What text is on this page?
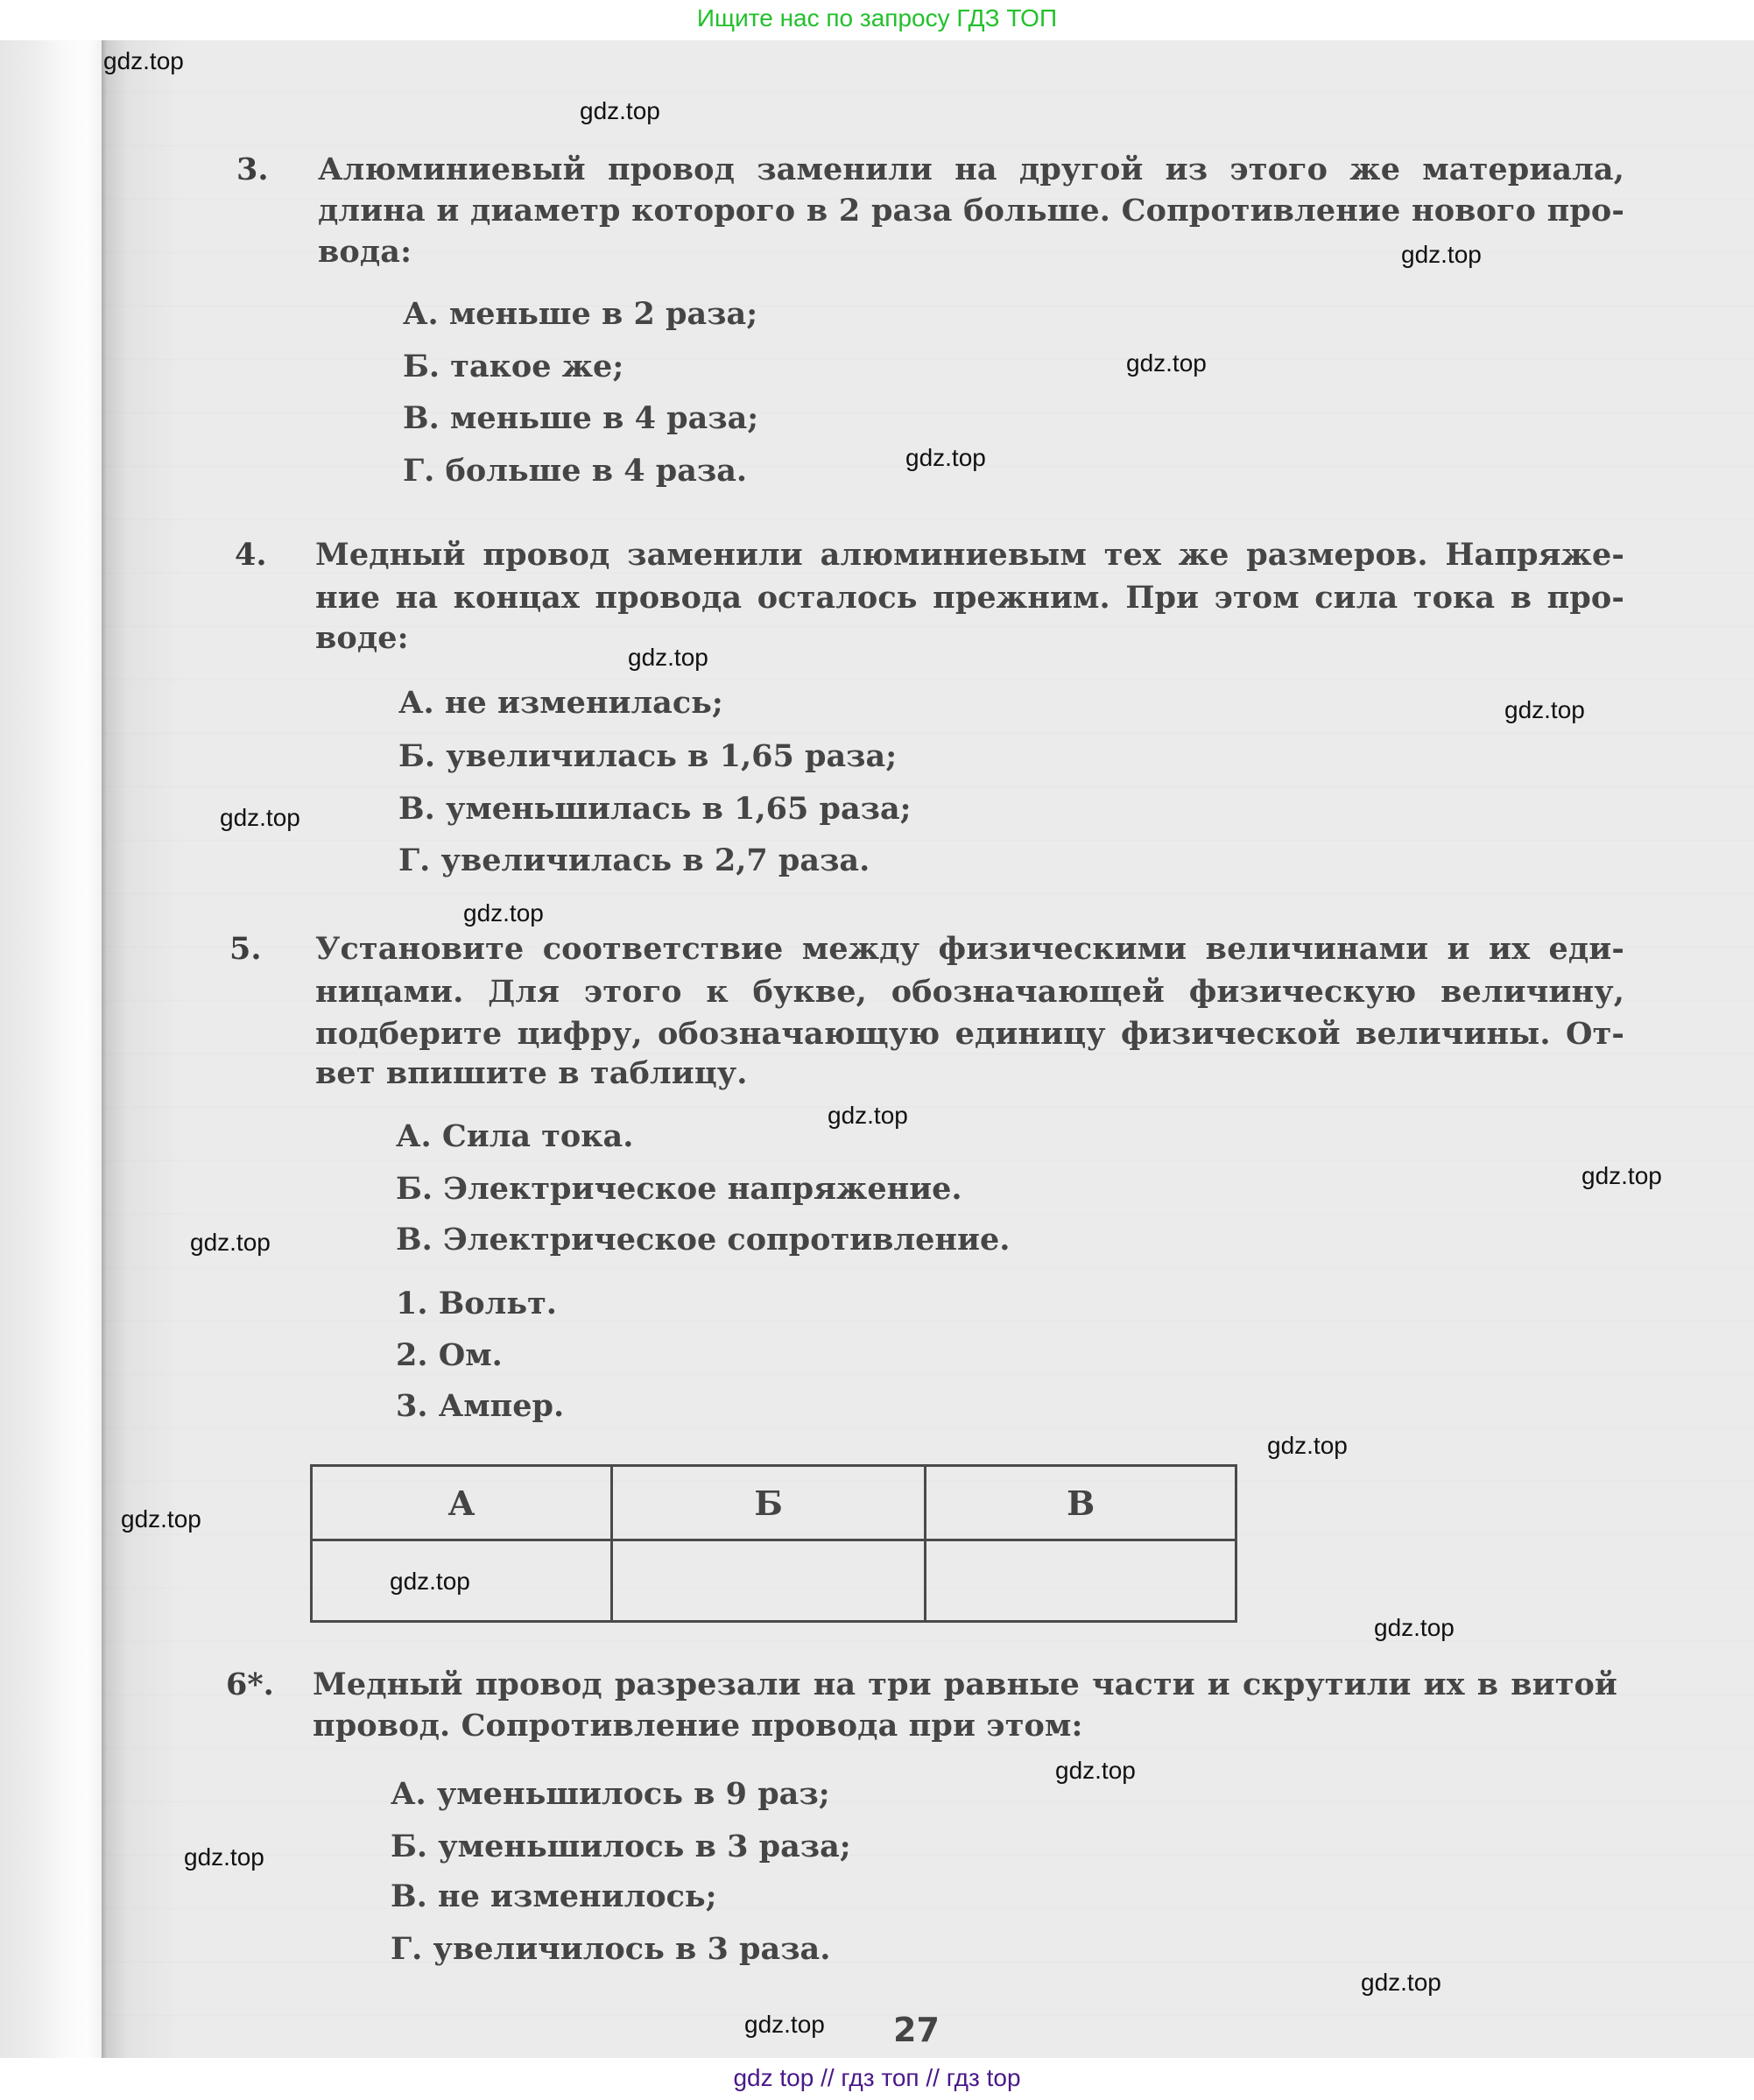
Ищите нас по запросу ГДЗ ТОП
3. Алюминиевый провод заменили на другой из этого же материала,
длина и диаметр которого в 2 раза больше. Сопротивление нового про-
вода:
А. меньше в 2 раза;
Б. такое же;
В. меньше в 4 раза;
Г. больше в 4 раза.
4. Медный провод заменили алюминиевым тех же размеров. Напряже-
ние на концах провода осталось прежним. При этом сила тока в про-
воде:
А. не изменилась;
Б. увеличилась в 1,65 раза;
В. уменьшилась в 1,65 раза;
Г. увеличилась в 2,7 раза.
5. Установите соответствие между физическими величинами и их еди-
ницами. Для этого к букве, обозначающей физическую величину,
подберите цифру, обозначающую единицу физической величины. От-
вет впишите в таблицу.
А. Сила тока.
Б. Электрическое напряжение.
В. Электрическое сопротивление.
1. Вольт.
2. Ом.
3. Ампер.
А	Б	В

6*. Медный провод разрезали на три равные части и скрутили их в витой
провод. Сопротивление провода при этом:
А. уменьшилось в 9 раз;
Б. уменьшилось в 3 раза;
В. не изменилось;
Г. увеличилось в 3 раза.
27
gdz.top
gdz.top
gdz.top
gdz.top
gdz.top
gdz.top
gdz.top
gdz.top
gdz.top
gdz.top
gdz.top
gdz.top
gdz.top
gdz.top
gdz.top
gdz.top
gdz.top
gdz.top
gdz.top
gdz.top
gdz top // гдз топ // гдз top
